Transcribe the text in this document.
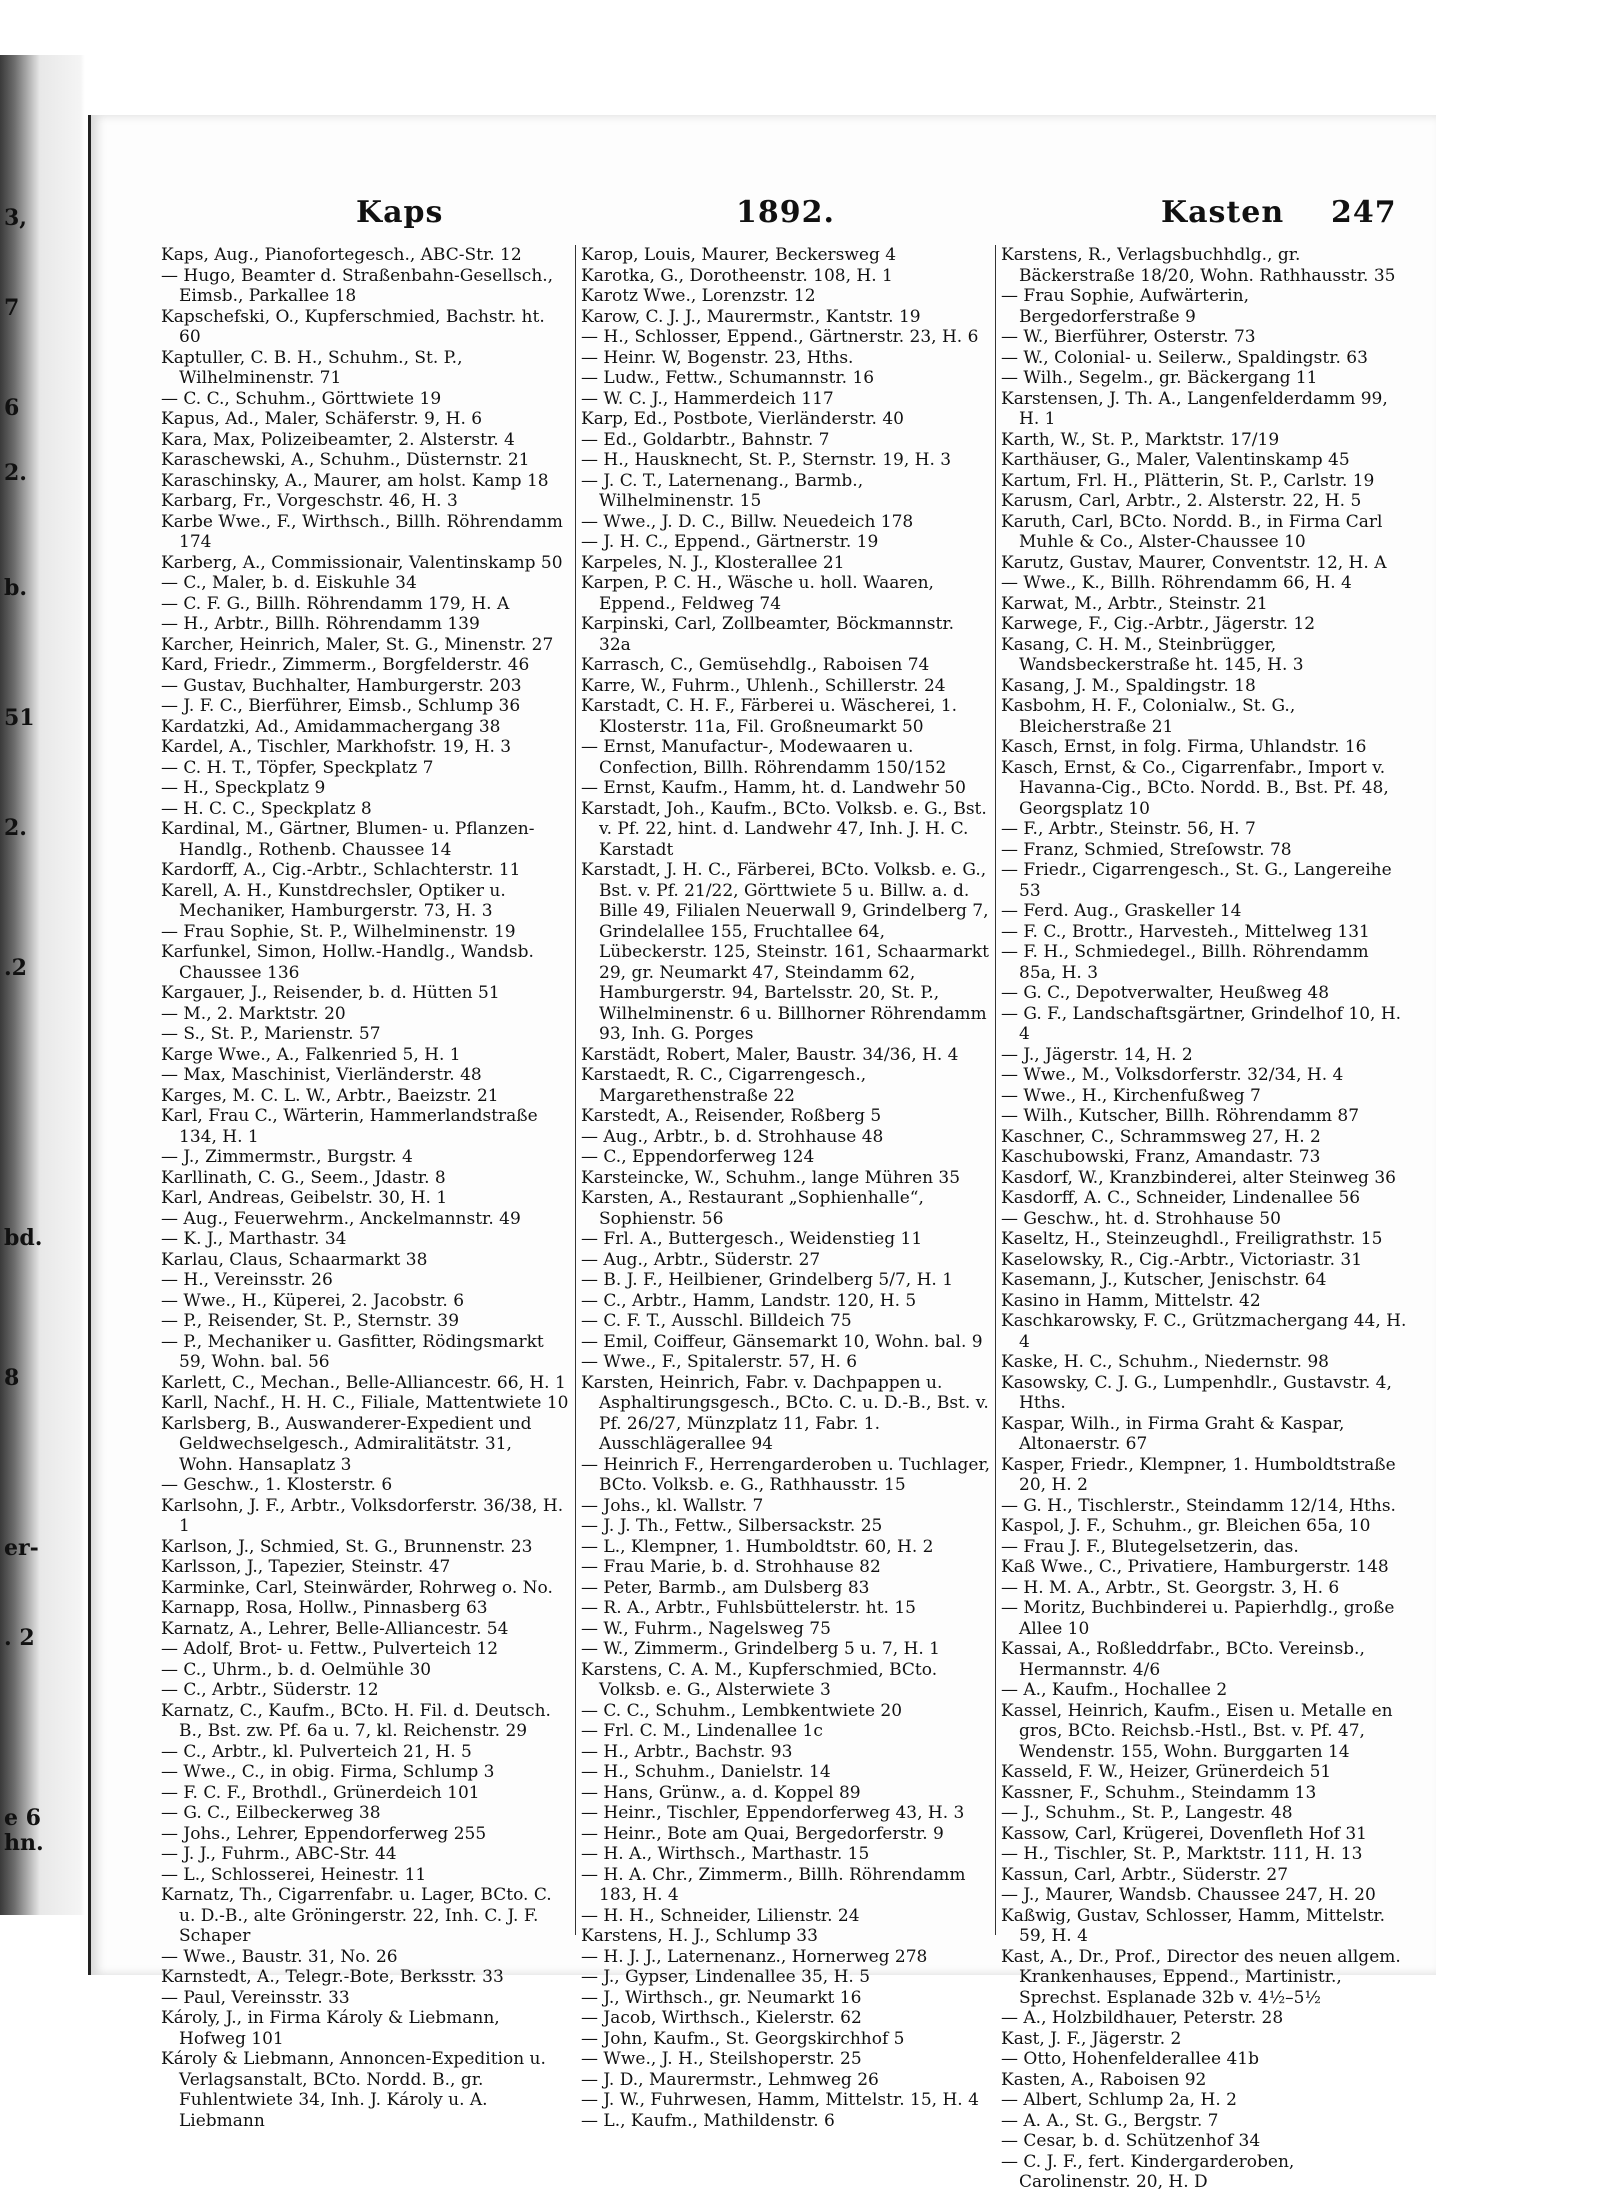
3,
7
6
2.
b.
51
2.
.2
bd.
8
er-
. 2
e 6
hn.
Kaps	1892.	Kasten 247

Kaps, Aug., Pianofortegesch., ABC-Str. 12

— Hugo, Beamter d. Straßenbahn-Gesellsch., Eimsb., Parkallee 18

Kapschefski, O., Kupferschmied, Bachstr. ht. 60

Kaptuller, C. B. H., Schuhm., St. P., Wilhelminenstr. 71

— C. C., Schuhm., Görttwiete 19

Kapus, Ad., Maler, Schäferstr. 9, H. 6

Kara, Max, Polizeibeamter, 2. Alsterstr. 4

Karaschewski, A., Schuhm., Düsternstr. 21

Karaschinsky, A., Maurer, am holst. Kamp 18

Karbarg, Fr., Vorgeschstr. 46, H. 3

Karbe Wwe., F., Wirthsch., Billh. Röhrendamm 174

Karberg, A., Commissionair, Valentinskamp 50

— C., Maler, b. d. Eiskuhle 34

— C. F. G., Billh. Röhrendamm 179, H. A

— H., Arbtr., Billh. Röhrendamm 139

Karcher, Heinrich, Maler, St. G., Minenstr. 27

Kard, Friedr., Zimmerm., Borgfelderstr. 46

— Gustav, Buchhalter, Hamburgerstr. 203

— J. F. C., Bierführer, Eimsb., Schlump 36

Kardatzki, Ad., Amidammachergang 38

Kardel, A., Tischler, Markhofstr. 19, H. 3

— C. H. T., Töpfer, Speckplatz 7

— H., Speckplatz 9

— H. C. C., Speckplatz 8

Kardinal, M., Gärtner, Blumen- u. Pflanzen-Handlg., Rothenb. Chaussee 14

Kardorff, A., Cig.-Arbtr., Schlachterstr. 11

Karell, A. H., Kunstdrechsler, Optiker u. Mechaniker, Hamburgerstr. 73, H. 3

— Frau Sophie, St. P., Wilhelminenstr. 19

Karfunkel, Simon, Hollw.-Handlg., Wandsb. Chaussee 136

Kargauer, J., Reisender, b. d. Hütten 51

— M., 2. Marktstr. 20

— S., St. P., Marienstr. 57

Karge Wwe., A., Falkenried 5, H. 1

— Max, Maschinist, Vierländerstr. 48

Karges, M. C. L. W., Arbtr., Baeizstr. 21

Karl, Frau C., Wärterin, Hammerlandstraße 134, H. 1

— J., Zimmermstr., Burgstr. 4

Karllinath, C. G., Seem., Jdastr. 8

Karl, Andreas, Geibelstr. 30, H. 1

— Aug., Feuerwehrm., Anckelmannstr. 49

— K. J., Marthastr. 34

Karlau, Claus, Schaarmarkt 38

— H., Vereinsstr. 26

— Wwe., H., Küperei, 2. Jacobstr. 6

— P., Reisender, St. P., Sternstr. 39

— P., Mechaniker u. Gasfitter, Rödingsmarkt 59, Wohn. bal. 56

Karlett, C., Mechan., Belle-Alliancestr. 66, H. 1

Karll, Nachf., H. H. C., Filiale, Mattentwiete 10

Karlsberg, B., Auswanderer-Expedient und Geldwechselgesch., Admiralitätstr. 31, Wohn. Hansaplatz 3

— Geschw., 1. Klosterstr. 6

Karlsohn, J. F., Arbtr., Volksdorferstr. 36/38, H. 1

Karlson, J., Schmied, St. G., Brunnenstr. 23

Karlsson, J., Tapezier, Steinstr. 47

Karminke, Carl, Steinwärder, Rohrweg o. No.

Karnapp, Rosa, Hollw., Pinnasberg 63

Karnatz, A., Lehrer, Belle-Alliancestr. 54

— Adolf, Brot- u. Fettw., Pulverteich 12

— C., Uhrm., b. d. Oelmühle 30

— C., Arbtr., Süderstr. 12

Karnatz, C., Kaufm., BCto. H. Fil. d. Deutsch. B., Bst. zw. Pf. 6a u. 7, kl. Reichenstr. 29

— C., Arbtr., kl. Pulverteich 21, H. 5

— Wwe., C., in obig. Firma, Schlump 3

— F. C. F., Brothdl., Grünerdeich 101

— G. C., Eilbeckerweg 38

— Johs., Lehrer, Eppendorferweg 255

— J. J., Fuhrm., ABC-Str. 44

— L., Schlosserei, Heinestr. 11

Karnatz, Th., Cigarrenfabr. u. Lager, BCto. C. u. D.-B., alte Gröningerstr. 22, Inh. C. J. F. Schaper

— Wwe., Baustr. 31, No. 26

Karnstedt, A., Telegr.-Bote, Berksstr. 33

— Paul, Vereinsstr. 33

Károly, J., in Firma Károly & Liebmann, Hofweg 101

Károly & Liebmann, Annoncen-Expedition u. Verlagsanstalt, BCto. Nordd. B., gr. Fuhlentwiete 34, Inh. J. Károly u. A. Liebmann

Karop, Louis, Maurer, Beckersweg 4

Karotka, G., Dorotheenstr. 108, H. 1

Karotz Wwe., Lorenzstr. 12

Karow, C. J. J., Maurermstr., Kantstr. 19

— H., Schlosser, Eppend., Gärtnerstr. 23, H. 6

— Heinr. W, Bogenstr. 23, Hths.

— Ludw., Fettw., Schumannstr. 16

— W. C. J., Hammerdeich 117

Karp, Ed., Postbote, Vierländerstr. 40

— Ed., Goldarbtr., Bahnstr. 7

— H., Hausknecht, St. P., Sternstr. 19, H. 3

— J. C. T., Laternenang., Barmb., Wilhelminenstr. 15

— Wwe., J. D. C., Billw. Neuedeich 178

— J. H. C., Eppend., Gärtnerstr. 19

Karpeles, N. J., Klosterallee 21

Karpen, P. C. H., Wäsche u. holl. Waaren, Eppend., Feldweg 74

Karpinski, Carl, Zollbeamter, Böckmannstr. 32a

Karrasch, C., Gemüsehdlg., Raboisen 74

Karre, W., Fuhrm., Uhlenh., Schillerstr. 24

Karstadt, C. H. F., Färberei u. Wäscherei, 1. Klosterstr. 11a, Fil. Großneumarkt 50

— Ernst, Manufactur-, Modewaaren u. Confection, Billh. Röhrendamm 150/152

— Ernst, Kaufm., Hamm, ht. d. Landwehr 50

Karstadt, Joh., Kaufm., BCto. Volksb. e. G., Bst. v. Pf. 22, hint. d. Landwehr 47, Inh. J. H. C. Karstadt

Karstadt, J. H. C., Färberei, BCto. Volksb. e. G., Bst. v. Pf. 21/22, Görttwiete 5 u. Billw. a. d. Bille 49, Filialen Neuerwall 9, Grindelberg 7, Grindelallee 155, Fruchtallee 64, Lübeckerstr. 125, Steinstr. 161, Schaarmarkt 29, gr. Neumarkt 47, Steindamm 62, Hamburgerstr. 94, Bartelsstr. 20, St. P., Wilhelminenstr. 6 u. Billhorner Röhrendamm 93, Inh. G. Porges

Karstädt, Robert, Maler, Baustr. 34/36, H. 4

Karstaedt, R. C., Cigarrengesch., Margarethenstraße 22

Karstedt, A., Reisender, Roßberg 5

— Aug., Arbtr., b. d. Strohhause 48

— C., Eppendorferweg 124

Karsteincke, W., Schuhm., lange Mühren 35

Karsten, A., Restaurant „Sophienhalle“, Sophienstr. 56

— Frl. A., Buttergesch., Weidenstieg 11

— Aug., Arbtr., Süderstr. 27

— B. J. F., Heilbiener, Grindelberg 5/7, H. 1

— C., Arbtr., Hamm, Landstr. 120, H. 5

— C. F. T., Ausschl. Billdeich 75

— Emil, Coiffeur, Gänsemarkt 10, Wohn. bal. 9

— Wwe., F., Spitalerstr. 57, H. 6

Karsten, Heinrich, Fabr. v. Dachpappen u. Asphaltirungsgesch., BCto. C. u. D.-B., Bst. v. Pf. 26/27, Münzplatz 11, Fabr. 1. Ausschlägerallee 94

— Heinrich F., Herrengarderoben u. Tuchlager, BCto. Volksb. e. G., Rathhausstr. 15

— Johs., kl. Wallstr. 7

— J. J. Th., Fettw., Silbersackstr. 25

— L., Klempner, 1. Humboldtstr. 60, H. 2

— Frau Marie, b. d. Strohhause 82

— Peter, Barmb., am Dulsberg 83

— R. A., Arbtr., Fuhlsbüttelerstr. ht. 15

— W., Fuhrm., Nagelsweg 75

— W., Zimmerm., Grindelberg 5 u. 7, H. 1

Karstens, C. A. M., Kupferschmied, BCto. Volksb. e. G., Alsterwiete 3

— C. C., Schuhm., Lembkentwiete 20

— Frl. C. M., Lindenallee 1c

— H., Arbtr., Bachstr. 93

— H., Schuhm., Danielstr. 14

— Hans, Grünw., a. d. Koppel 89

— Heinr., Tischler, Eppendorferweg 43, H. 3

— Heinr., Bote am Quai, Bergedorferstr. 9

— H. A., Wirthsch., Marthastr. 15

— H. A. Chr., Zimmerm., Billh. Röhrendamm 183, H. 4

— H. H., Schneider, Lilienstr. 24

Karstens, H. J., Schlump 33

— H. J. J., Laternenanz., Hornerweg 278

— J., Gypser, Lindenallee 35, H. 5

— J., Wirthsch., gr. Neumarkt 16

— Jacob, Wirthsch., Kielerstr. 62

— John, Kaufm., St. Georgskirchhof 5

— Wwe., J. H., Steilshoperstr. 25

— J. D., Maurermstr., Lehmweg 26

— J. W., Fuhrwesen, Hamm, Mittelstr. 15, H. 4

— L., Kaufm., Mathildenstr. 6

Karstens, R., Verlagsbuchhdlg., gr. Bäckerstraße 18/20, Wohn. Rathhausstr. 35

— Frau Sophie, Aufwärterin, Bergedorferstraße 9

— W., Bierführer, Osterstr. 73

— W., Colonial- u. Seilerw., Spaldingstr. 63

— Wilh., Segelm., gr. Bäckergang 11

Karstensen, J. Th. A., Langenfelderdamm 99, H. 1

Karth, W., St. P., Marktstr. 17/19

Karthäuser, G., Maler, Valentinskamp 45

Kartum, Frl. H., Plätterin, St. P., Carlstr. 19

Karusm, Carl, Arbtr., 2. Alsterstr. 22, H. 5

Karuth, Carl, BCto. Nordd. B., in Firma Carl Muhle & Co., Alster-Chaussee 10

Karutz, Gustav, Maurer, Conventstr. 12, H. A

— Wwe., K., Billh. Röhrendamm 66, H. 4

Karwat, M., Arbtr., Steinstr. 21

Karwege, F., Cig.-Arbtr., Jägerstr. 12

Kasang, C. H. M., Steinbrügger, Wandsbeckerstraße ht. 145, H. 3

Kasang, J. M., Spaldingstr. 18

Kasbohm, H. F., Colonialw., St. G., Bleicherstraße 21

Kasch, Ernst, in folg. Firma, Uhlandstr. 16

Kasch, Ernst, & Co., Cigarrenfabr., Import v. Havanna-Cig., BCto. Nordd. B., Bst. Pf. 48, Georgsplatz 10

— F., Arbtr., Steinstr. 56, H. 7

— Franz, Schmied, Streſowstr. 78

— Friedr., Cigarrengesch., St. G., Langereihe 53

— Ferd. Aug., Graskeller 14

— F. C., Brottr., Harvesteh., Mittelweg 131

— F. H., Schmiedegel., Billh. Röhrendamm 85a, H. 3

— G. C., Depotverwalter, Heußweg 48

— G. F., Landschaftsgärtner, Grindelhof 10, H. 4

— J., Jägerstr. 14, H. 2

— Wwe., M., Volksdorferstr. 32/34, H. 4

— Wwe., H., Kirchenfußweg 7

— Wilh., Kutscher, Billh. Röhrendamm 87

Kaschner, C., Schrammsweg 27, H. 2

Kaschubowski, Franz, Amandastr. 73

Kasdorf, W., Kranzbinderei, alter Steinweg 36

Kasdorff, A. C., Schneider, Lindenallee 56

— Geschw., ht. d. Strohhause 50

Kaseltz, H., Steinzeughdl., Freiligrathstr. 15

Kaselowsky, R., Cig.-Arbtr., Victoriastr. 31

Kasemann, J., Kutscher, Jenischstr. 64

Kasino in Hamm, Mittelstr. 42

Kaschkarowsky, F. C., Grützmachergang 44, H. 4

Kaske, H. C., Schuhm., Niedernstr. 98

Kasowsky, C. J. G., Lumpenhdlr., Gustavstr. 4, Hths.

Kaspar, Wilh., in Firma Graht & Kaspar, Altonaerstr. 67

Kasper, Friedr., Klempner, 1. Humboldtstraße 20, H. 2

— G. H., Tischlerstr., Steindamm 12/14, Hths.

Kaspol, J. F., Schuhm., gr. Bleichen 65a, 10

— Frau J. F., Blutegelsetzerin, das.

Kaß Wwe., C., Privatiere, Hamburgerstr. 148

— H. M. A., Arbtr., St. Georgstr. 3, H. 6

— Moritz, Buchbinderei u. Papierhdlg., große Allee 10

Kassai, A., Roßleddrfabr., BCto. Vereinsb., Hermannstr. 4/6

— A., Kaufm., Hochallee 2

Kassel, Heinrich, Kaufm., Eisen u. Metalle en gros, BCto. Reichsb.-Hstl., Bst. v. Pf. 47, Wendenstr. 155, Wohn. Burggarten 14

Kasseld, F. W., Heizer, Grünerdeich 51

Kassner, F., Schuhm., Steindamm 13

— J., Schuhm., St. P., Langestr. 48

Kassow, Carl, Krügerei, Dovenfleth Hof 31

— H., Tischler, St. P., Marktstr. 111, H. 13

Kassun, Carl, Arbtr., Süderstr. 27

— J., Maurer, Wandsb. Chaussee 247, H. 20

Kaßwig, Gustav, Schlosser, Hamm, Mittelstr. 59, H. 4

Kast, A., Dr., Prof., Director des neuen allgem. Krankenhauses, Eppend., Martinistr., Sprechst. Esplanade 32b v. 4½–5½

— A., Holzbildhauer, Peterstr. 28

Kast, J. F., Jägerstr. 2

— Otto, Hohenfelderallee 41b

Kasten, A., Raboisen 92

— Albert, Schlump 2a, H. 2

— A. A., St. G., Bergstr. 7

— Cesar, b. d. Schützenhof 34

— C. J. F., fert. Kindergarderoben, Carolinenstr. 20, H. D
